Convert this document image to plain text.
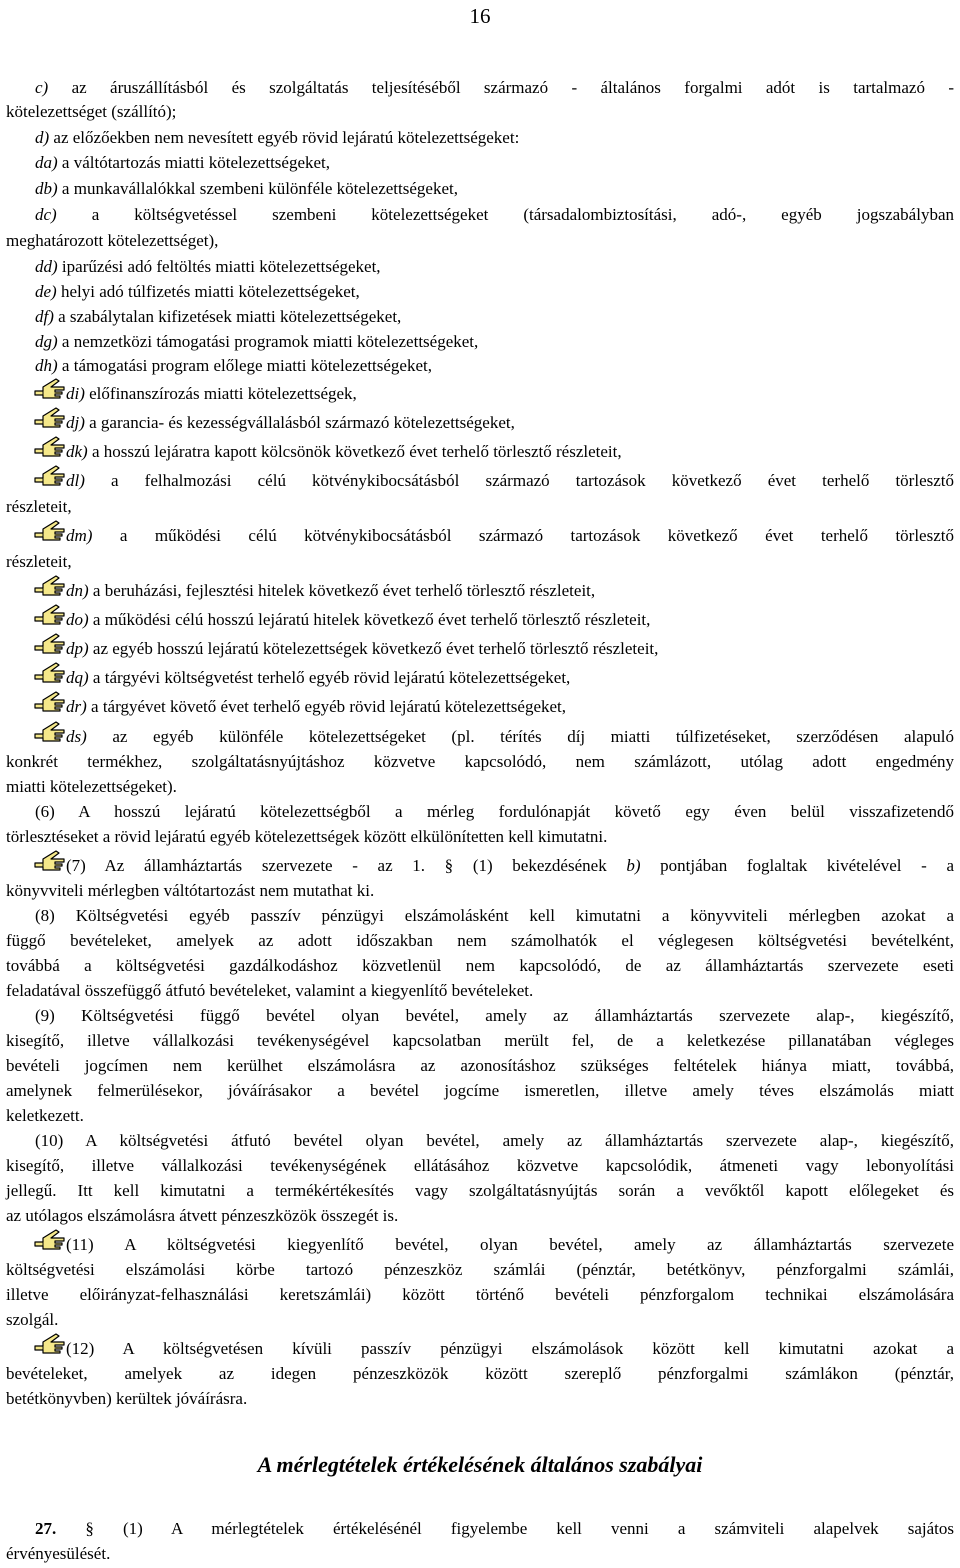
16
c) az áruszállításból és szolgáltatás teljesítéséből származó - általános forgalmi adót is tartalmazó -
kötelezettséget (szállító);
d) az előzőekben nem nevesített egyéb rövid lejáratú kötelezettségeket:
da) a váltótartozás miatti kötelezettségeket,
db) a munkavállalókkal szembeni különféle kötelezettségeket,
dc) a költségvetéssel szembeni kötelezettségeket (társadalombiztosítási, adó-, egyéb jogszabályban
meghatározott kötelezettséget),
dd) iparűzési adó feltöltés miatti kötelezettségeket,
de) helyi adó túlfizetés miatti kötelezettségeket,
df) a szabálytalan kifizetések miatti kötelezettségeket,
dg) a nemzetközi támogatási programok miatti kötelezettségeket,
dh) a támogatási program előlege miatti kötelezettségeket,
di) előfinanszírozás miatti kötelezettségek,
dj) a garancia- és kezességvállalásból származó kötelezettségeket,
dk) a hosszú lejáratra kapott kölcsönök következő évet terhelő törlesztő részleteit,
dl) a felhalmozási célú kötvénykibocsátásból származó tartozások következő évet terhelő törlesztő
részleteit,
dm) a működési célú kötvénykibocsátásból származó tartozások következő évet terhelő törlesztő
részleteit,
dn) a beruházási, fejlesztési hitelek következő évet terhelő törlesztő részleteit,
do) a működési célú hosszú lejáratú hitelek következő évet terhelő törlesztő részleteit,
dp) az egyéb hosszú lejáratú kötelezettségek következő évet terhelő törlesztő részleteit,
dq) a tárgyévi költségvetést terhelő egyéb rövid lejáratú kötelezettségeket,
dr) a tárgyévet követő évet terhelő egyéb rövid lejáratú kötelezettségeket,
ds) az egyéb különféle kötelezettségeket (pl. térítés díj miatti túlfizetéseket, szerződésen alapuló
konkrét termékhez, szolgáltatásnyújtáshoz közvetve kapcsolódó, nem számlázott, utólag adott engedmény
miatti kötelezettségeket).
(6) A hosszú lejáratú kötelezettségből a mérleg fordulónapját követő egy éven belül visszafizetendő
törlesztéseket a rövid lejáratú egyéb kötelezettségek között elkülönítetten kell kimutatni.
(7) Az államháztartás szervezete - az 1. § (1) bekezdésének b) pontjában foglaltak kivételével - a
könyvviteli mérlegben váltótartozást nem mutathat ki.
(8) Költségvetési egyéb passzív pénzügyi elszámolásként kell kimutatni a könyvviteli mérlegben azokat a
függő bevételeket, amelyek az adott időszakban nem számolhatók el véglegesen költségvetési bevételként,
továbbá a költségvetési gazdálkodáshoz közvetlenül nem kapcsolódó, de az államháztartás szervezete eseti
feladatával összefüggő átfutó bevételeket, valamint a kiegyenlítő bevételeket.
(9) Költségvetési függő bevétel olyan bevétel, amely az államháztartás szervezete alap-, kiegészítő,
kisegítő, illetve vállalkozási tevékenységével kapcsolatban merült fel, de a keletkezése pillanatában végleges
bevételi jogcímen nem kerülhet elszámolásra az azonosításhoz szükséges feltételek hiánya miatt, továbbá,
amelynek felmerülésekor, jóváírásakor a bevétel jogcíme ismeretlen, illetve amely téves elszámolás miatt
keletkezett.
(10) A költségvetési átfutó bevétel olyan bevétel, amely az államháztartás szervezete alap-, kiegészítő,
kisegítő, illetve vállalkozási tevékenységének ellátásához közvetve kapcsolódik, átmeneti vagy lebonyolítási
jellegű. Itt kell kimutatni a termékértékesítés vagy szolgáltatásnyújtás során a vevőktől kapott előlegeket és
az utólagos elszámolásra átvett pénzeszközök összegét is.
(11) A költségvetési kiegyenlítő bevétel, olyan bevétel, amely az államháztartás szervezete
költségvetési elszámolási körbe tartozó pénzeszköz számlái (pénztár, betétkönyv, pénzforgalmi számlái,
illetve előirányzat-felhasználási keretszámlái) között történő bevételi pénzforgalom technikai elszámolására
szolgál.
(12) A költségvetésen kívüli passzív pénzügyi elszámolások között kell kimutatni azokat a
bevételeket, amelyek az idegen pénzeszközök között szereplő pénzforgalmi számlákon (pénztár,
betétkönyvben) kerültek jóváírásra.
27. § (1) A mérlegtételek értékelésénél figyelembe kell venni a számviteli alapelvek sajátos
érvényesülését.
A mérlegtételek értékelésének általános szabályai
